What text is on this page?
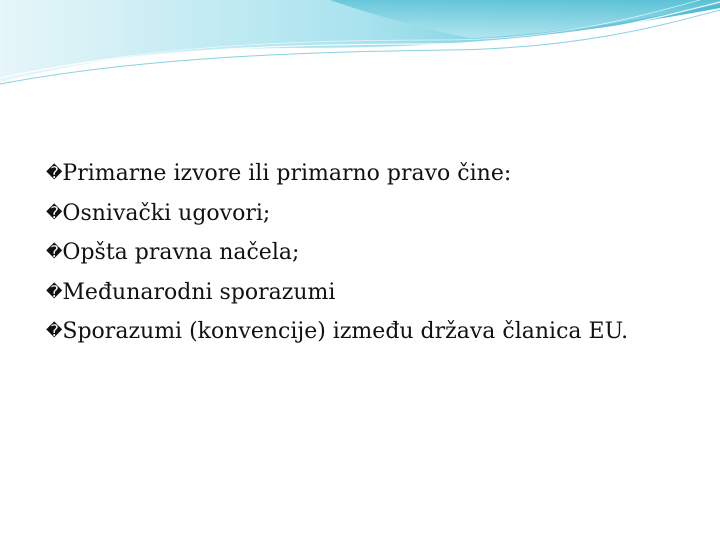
�Primarne izvore ili primarno pravo čine:
�Osnivački ugovori;
�Opšta pravna načela;
�Međunarodni sporazumi
�Sporazumi (konvencije) između država članica EU.
